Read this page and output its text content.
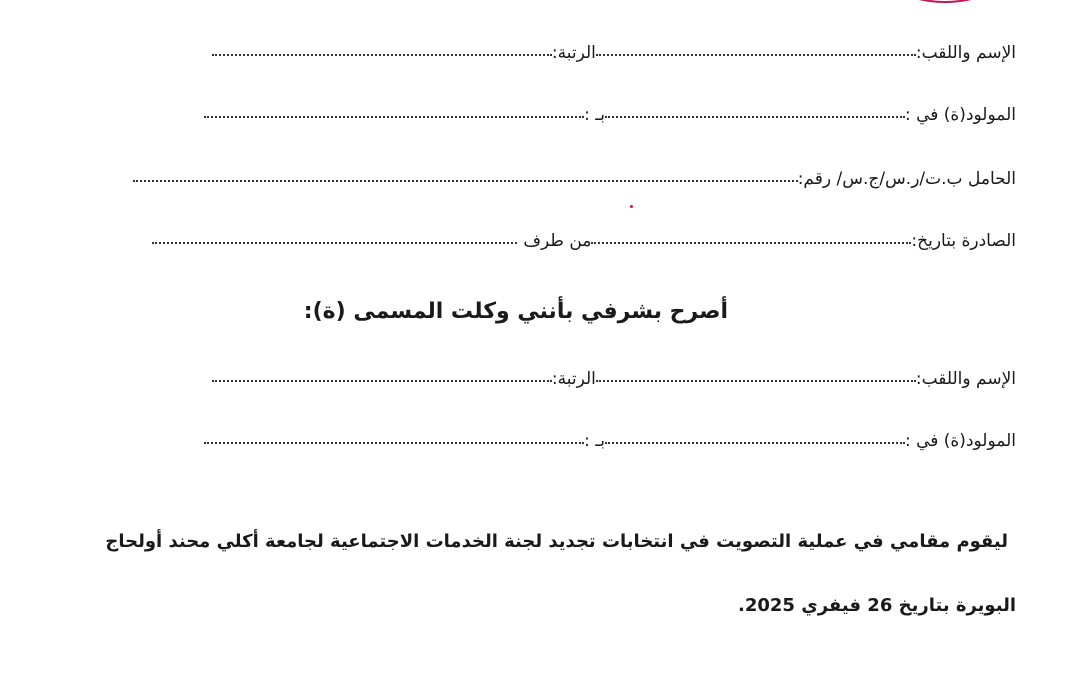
الإسم واللقب:الرتبة:
المولود(ة) في :بـ :
الحامل ب.ت/ر.س/ج.س/ رقم:
الصادرة بتاريخ:من طرف
أصرح بشرفي بأنني وكلت المسمى (ة):
الإسم واللقب:الرتبة:
المولود(ة) في :بـ :
ليقوم مقامي في عملية التصويت في انتخابات تجديد لجنة الخدمات الاجتماعية لجامعة أكلي محند أولحاج
البويرة بتاريخ 26 فيفري 2025.
